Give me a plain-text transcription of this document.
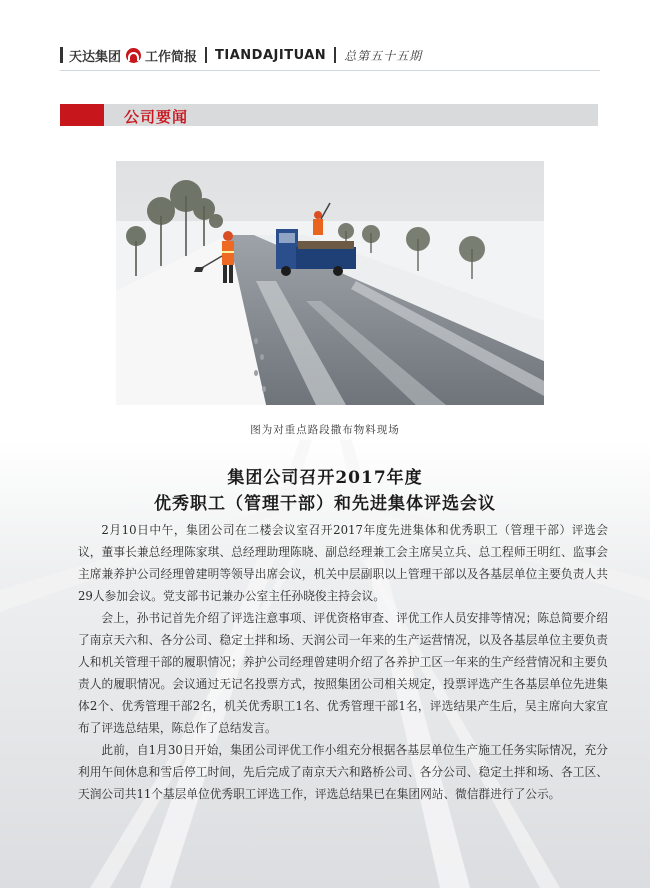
天达集团 工作简报 TIANDAJITUAN 总第五十五期
公司要闻
图为对重点路段撒布物料现场
集团公司召开2017年度
优秀职工（管理干部）和先进集体评选会议

2月10日中午，集团公司在二楼会议室召开2017年度先进集体和优秀职工（管理干部）评选会议，董事长兼总经理陈家琪、总经理助理陈晓、副总经理兼工会主席吴立兵、总工程师王明红、监事会主席兼养护公司经理曾建明等领导出席会议，机关中层副职以上管理干部以及各基层单位主要负责人共29人参加会议。党支部书记兼办公室主任孙晓俊主持会议。

会上，孙书记首先介绍了评选注意事项、评优资格审查、评优工作人员安排等情况；陈总简要介绍了南京天六和、各分公司、稳定土拌和场、天润公司一年来的生产运营情况，以及各基层单位主要负责人和机关管理干部的履职情况；养护公司经理曾建明介绍了各养护工区一年来的生产经营情况和主要负责人的履职情况。会议通过无记名投票方式，按照集团公司相关规定，投票评选产生各基层单位先进集体2个、优秀管理干部2名，机关优秀职工1名、优秀管理干部1名，评选结果产生后，吴主席向大家宣布了评选总结果，陈总作了总结发言。

此前，自1月30日开始，集团公司评优工作小组充分根据各基层单位生产施工任务实际情况，充分利用午间休息和雪后停工时间，先后完成了南京天六和路桥公司、各分公司、稳定土拌和场、各工区、天润公司共11个基层单位优秀职工评选工作，评选总结果已在集团网站、微信群进行了公示。
